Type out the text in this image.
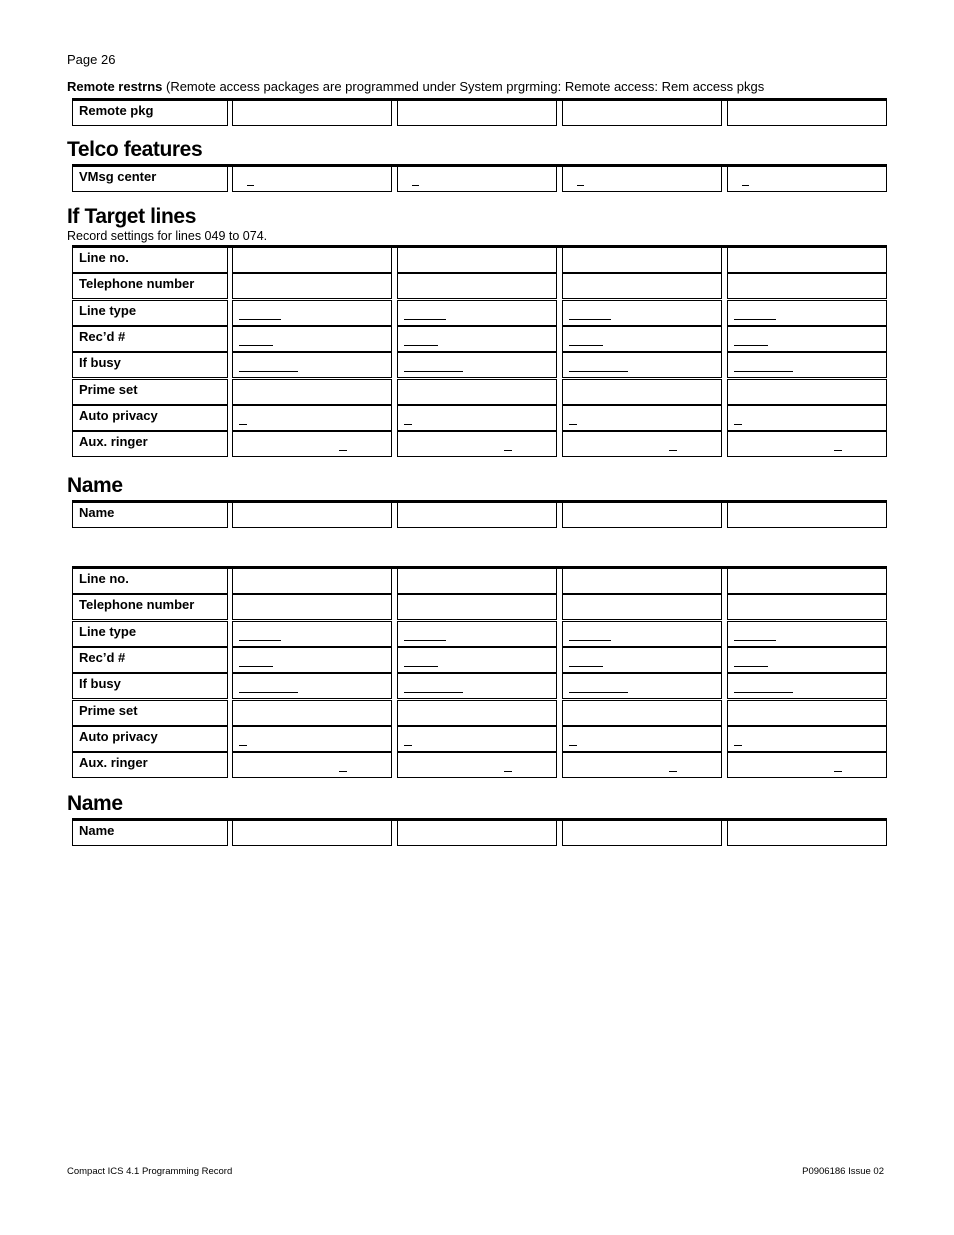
Page 26
Remote restrns (Remote access packages are programmed under System prgrming: Remote access: Rem access pkgs
Remote pkg
Telco features
VMsg center
If Target lines
Record settings for lines 049 to 074.
Line no.
Telephone number
Line type
Rec’d #
If busy
Prime set
Auto privacy
Aux. ringer
Name
Name
Line no.
Telephone number
Line type
Rec’d #
If busy
Prime set
Auto privacy
Aux. ringer
Name
Name
Compact ICS 4.1 Programming Record	P0906186 Issue 02
